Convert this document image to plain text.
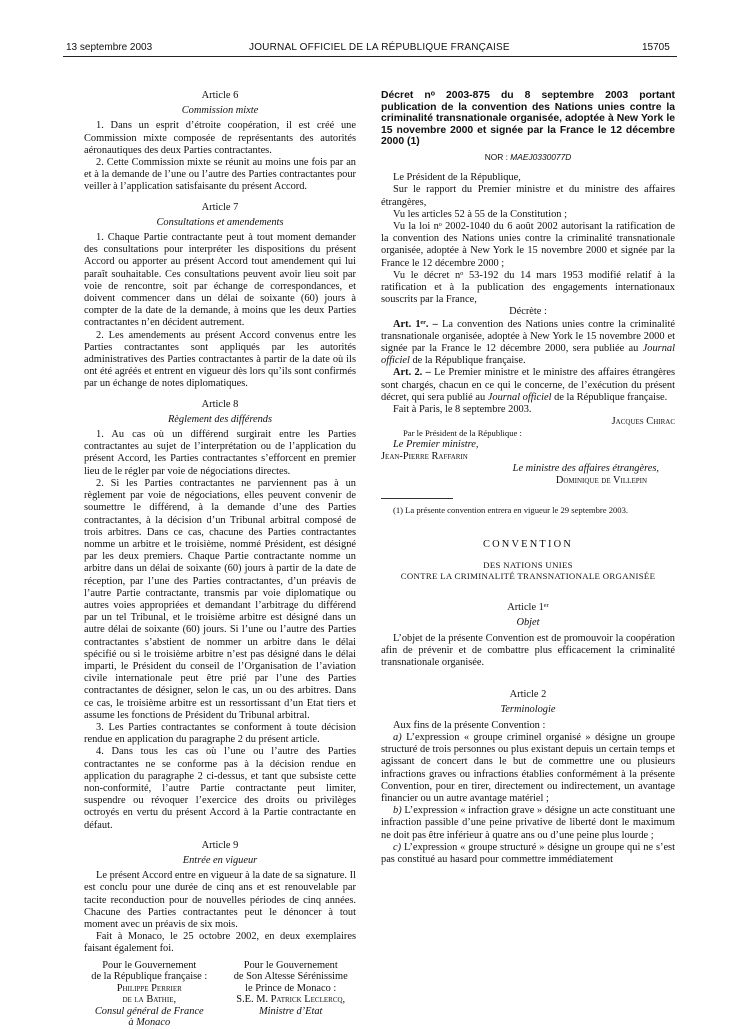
13 septembre 2003	JOURNAL OFFICIEL DE LA RÉPUBLIQUE FRANÇAISE	15705
Article 6
Commission mixte

1. Dans un esprit d’étroite coopération, il est créé une Commission mixte composée de représentants des autorités aéronautiques des deux Parties contractantes.

2. Cette Commission mixte se réunit au moins une fois par an et à la demande de l’une ou l’autre des Parties contractantes pour veiller à l’application satisfaisante du présent Accord.

Article 7
Consultations et amendements

1. Chaque Partie contractante peut à tout moment demander des consultations pour interpréter les dispositions du présent Accord ou apporter au présent Accord tout amendement qui lui paraît souhaitable. Ces consultations peuvent avoir lieu soit par voie de rencontre, soit par échange de correspondances, et doivent commencer dans un délai de soixante (60) jours à compter de la date de la demande, à moins que les deux Parties contractantes n’en décident autrement.

2. Les amendements au présent Accord convenus entre les Parties contractantes sont appliqués par les autorités administratives des Parties contractantes à partir de la date où ils ont été agréés et entrent en vigueur dès lors qu’ils sont confirmés par un échange de notes diplomatiques.

Article 8
Règlement des différends

1. Au cas où un différend surgirait entre les Parties contractantes au sujet de l’interprétation ou de l’application du présent Accord, les Parties contractantes s’efforcent en premier lieu de le régler par voie de négociations directes.

2. Si les Parties contractantes ne parviennent pas à un règlement par voie de négociations, elles peuvent convenir de soumettre le différend, à la demande d’une des Parties contractantes, à la décision d’un Tribunal arbitral composé de trois arbitres. Dans ce cas, chacune des Parties contractantes nomme un arbitre et le troisième, nommé Président, est désigné par les deux premiers. Chaque Partie contractante nomme un arbitre dans un délai de soixante (60) jours à partir de la date de réception, par l’une des Parties contractantes, d’un préavis de l’autre Partie contractante, transmis par voie diplomatique ou autres voies appropriées et demandant l’arbitrage du différend par un tel Tribunal, et le troisième arbitre est désigné dans un autre délai de soixante (60) jours. Si l’une ou l’autre des Parties contractantes s’abstient de nommer un arbitre dans le délai spécifié ou si le troisième arbitre n’est pas désigné dans le délai imparti, le Président du conseil de l’Organisation de l’aviation civile internationale peut être prié par l’une des Parties contractantes de désigner, selon le cas, un ou des arbitres. Dans ce cas, le troisième arbitre est un ressortissant d’un Etat tiers et assume les fonctions de Président du Tribunal arbitral.

3. Les Parties contractantes se conforment à toute décision rendue en application du paragraphe 2 du présent article.

4. Dans tous les cas où l’une ou l’autre des Parties contractantes ne se conforme pas à la décision rendue en application du paragraphe 2 ci-dessus, et tant que subsiste cette non-conformité, l’autre Partie contractante peut limiter, suspendre ou révoquer l’exercice des droits ou privilèges octroyés en vertu du présent Accord à la Partie contractante en défaut.

Article 9
Entrée en vigueur

Le présent Accord entre en vigueur à la date de sa signature. Il est conclu pour une durée de cinq ans et est renouvelable par tacite reconduction pour de nouvelles périodes de cinq années. Chacune des Parties contractantes peut le dénoncer à tout moment avec un préavis de six mois.

Fait à Monaco, le 25 octobre 2002, en deux exemplaires faisant également foi.

Pour le Gouvernement
de la République française :
Philippe Perrier
de la Bathie,
Consul général de France
à Monaco
Pour le Gouvernement
de Son Altesse Sérénissime
le Prince de Monaco :
S.E. M. Patrick Leclercq,
Ministre d’Etat
Décret nᵒ 2003-875 du 8 septembre 2003 portant publication de la convention des Nations unies contre la criminalité transnationale organisée, adoptée à New York le 15 novembre 2000 et signée par la France le 12 décembre 2000 (1)
NOR : MAEJ0330077D

Le Président de la République,

Sur le rapport du Premier ministre et du ministre des affaires étrangères,

Vu les articles 52 à 55 de la Constitution ;

Vu la loi nᵒ 2002-1040 du 6 août 2002 autorisant la ratification de la convention des Nations unies contre la criminalité transnationale organisée, adoptée à New York le 15 novembre 2000 et signée par la France le 12 décembre 2000 ;

Vu le décret nᵒ 53-192 du 14 mars 1953 modifié relatif à la ratification et à la publication des engagements internationaux souscrits par la France,

Décrète :

Art. 1ᵉʳ. – La convention des Nations unies contre la criminalité transnationale organisée, adoptée à New York le 15 novembre 2000 et signée par la France le 12 décembre 2000, sera publiée au Journal officiel de la République française.

Art. 2. – Le Premier ministre et le ministre des affaires étrangères sont chargés, chacun en ce qui le concerne, de l’exécution du présent décret, qui sera publié au Journal officiel de la République française.

Fait à Paris, le 8 septembre 2003.

Jacques Chirac

Par le Président de la République :

Le Premier ministre,

Jean-Pierre Raffarin

Le ministre des affaires étrangères,

Dominique de Villepin

(1) La présente convention entrera en vigueur le 29 septembre 2003.

CONVENTION
DES NATIONS UNIES
CONTRE LA CRIMINALITÉ TRANSNATIONALE ORGANISÉE
Article 1ᵉʳ
Objet

L’objet de la présente Convention est de promouvoir la coopération afin de prévenir et de combattre plus efficacement la criminalité transnationale organisée.

Article 2
Terminologie

Aux fins de la présente Convention :

a) L’expression « groupe criminel organisé » désigne un groupe structuré de trois personnes ou plus existant depuis un certain temps et agissant de concert dans le but de commettre une ou plusieurs infractions graves ou infractions établies conformément à la présente Convention, pour en tirer, directement ou indirectement, un avantage financier ou un autre avantage matériel ;

b) L’expression « infraction grave » désigne un acte constituant une infraction passible d’une peine privative de liberté dont le maximum ne doit pas être inférieur à quatre ans ou d’une peine plus lourde ;

c) L’expression « groupe structuré » désigne un groupe qui ne s’est pas constitué au hasard pour commettre immédiatement
